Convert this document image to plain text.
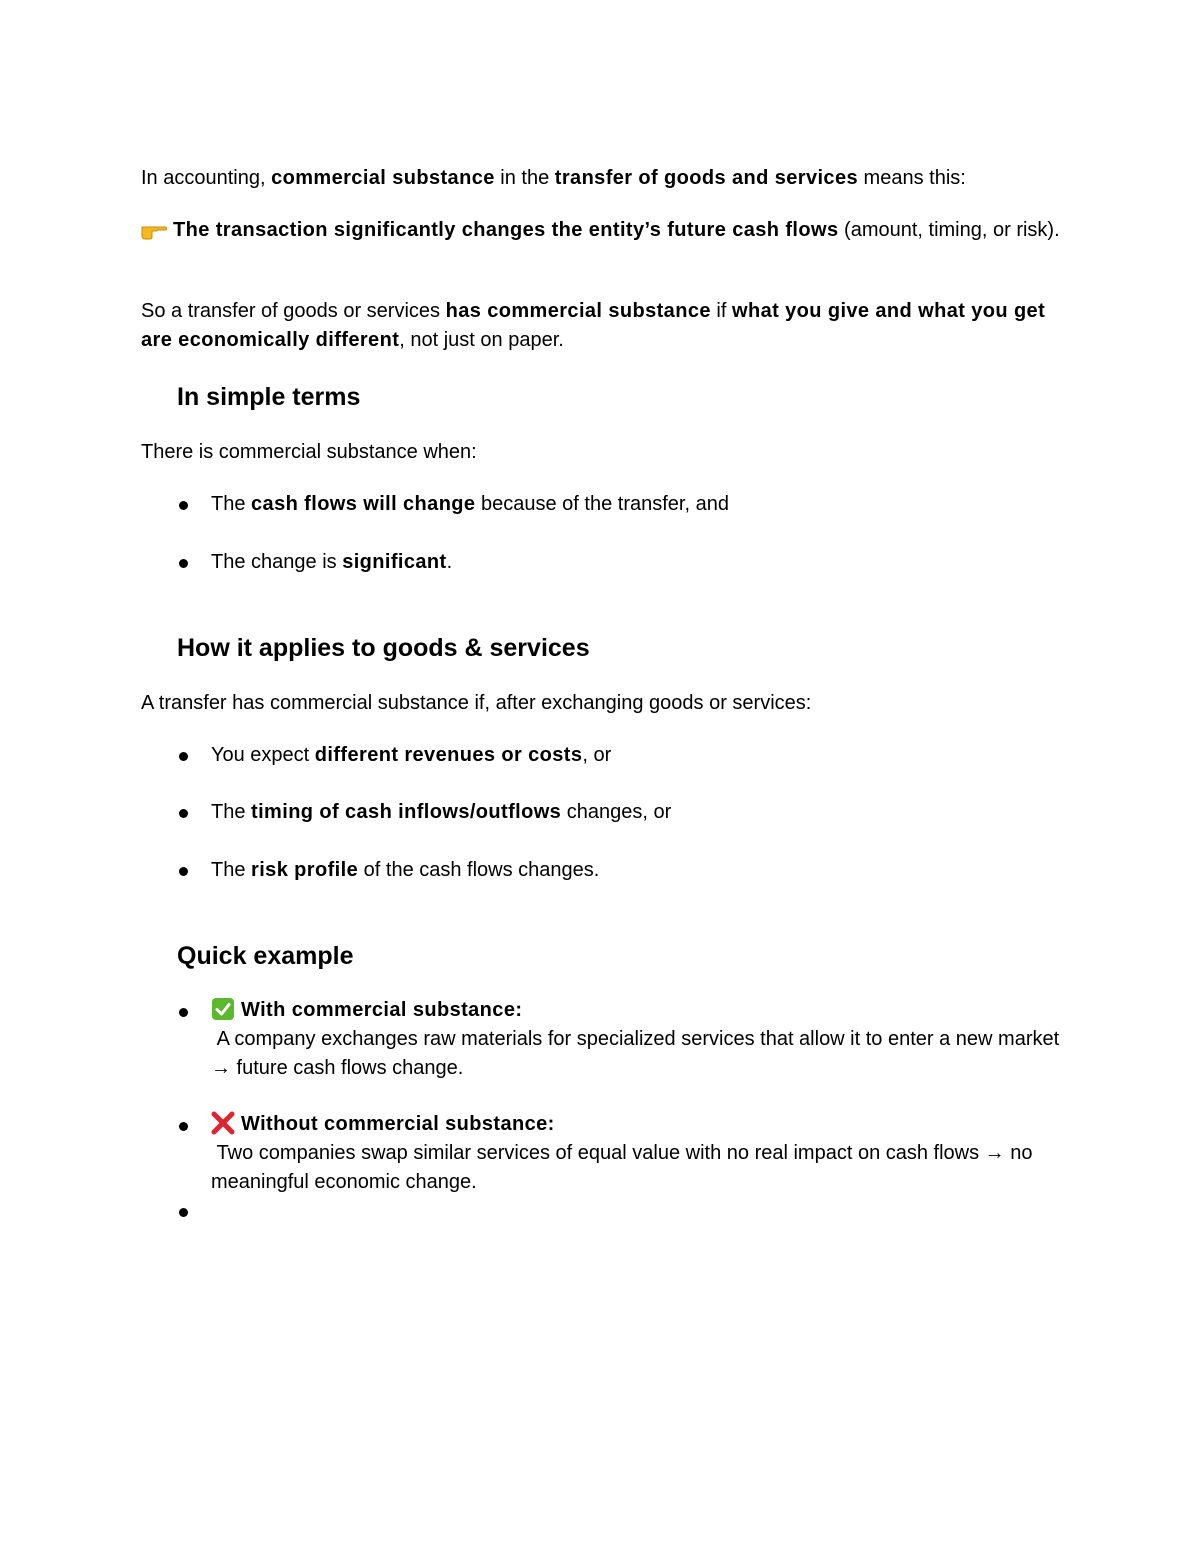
In accounting, commercial substance in the transfer of goods and services means this:

The transaction significantly changes the entity’s future cash flows (amount, timing, or risk).

So a transfer of goods or services has commercial substance if what you give and what you get are economically different, not just on paper.

In simple terms

There is commercial substance when:

The cash flows will change because of the transfer, and

The change is significant.

How it applies to goods & services

A transfer has commercial substance if, after exchanging goods or services:

You expect different revenues or costs, or

The timing of cash inflows/outflows changes, or

The risk profile of the cash flows changes.

Quick example
With commercial substance:
A company exchanges raw materials for specialized services that allow it to enter a new market → future cash flows change.
Without commercial substance:
Two companies swap similar services of equal value with no real impact on cash flows → no meaningful economic change.
